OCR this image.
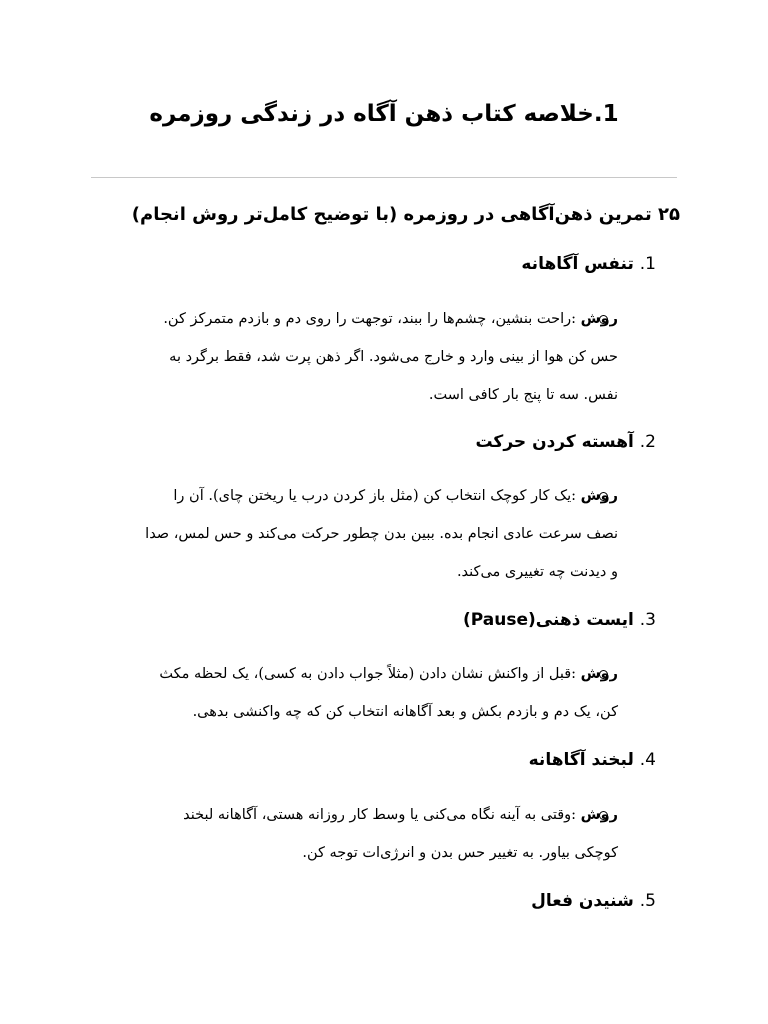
1.خلاصه کتاب ذهن آگاه در زندگی روزمره
۲۵ تمرین ذهن‌آگاهی در روزمره (با توضیح کامل‌تر روش انجام)
1. تنفس آگاهانه
روش :راحت بنشین، چشم‌ها را ببند، توجهت را روی دم و بازدم متمرکز کن.
حس کن هوا از بینی وارد و خارج می‌شود. اگر ذهن پرت شد، فقط برگرد به
نفس. سه تا پنج بار کافی است.
2. آهسته کردن حرکت
روش :یک کار کوچک انتخاب کن (مثل باز کردن درب یا ریختن چای). آن را
نصف سرعت عادی انجام بده. ببین بدن چطور حرکت می‌کند و حس لمس، صدا
و دیدنت چه تغییری می‌کند.
3. ایست ذهنی(Pause)
روش :قبل از واکنش نشان دادن (مثلاً جواب دادن به کسی)، یک لحظه مکث
کن، یک دم و بازدم بکش و بعد آگاهانه انتخاب کن که چه واکنشی بدهی.
4. لبخند آگاهانه
روش :وقتی به آینه نگاه می‌کنی یا وسط کار روزانه هستی، آگاهانه لبخند
کوچکی بیاور. به تغییر حس بدن و انرژی‌ات توجه کن.
5. شنیدن فعال
